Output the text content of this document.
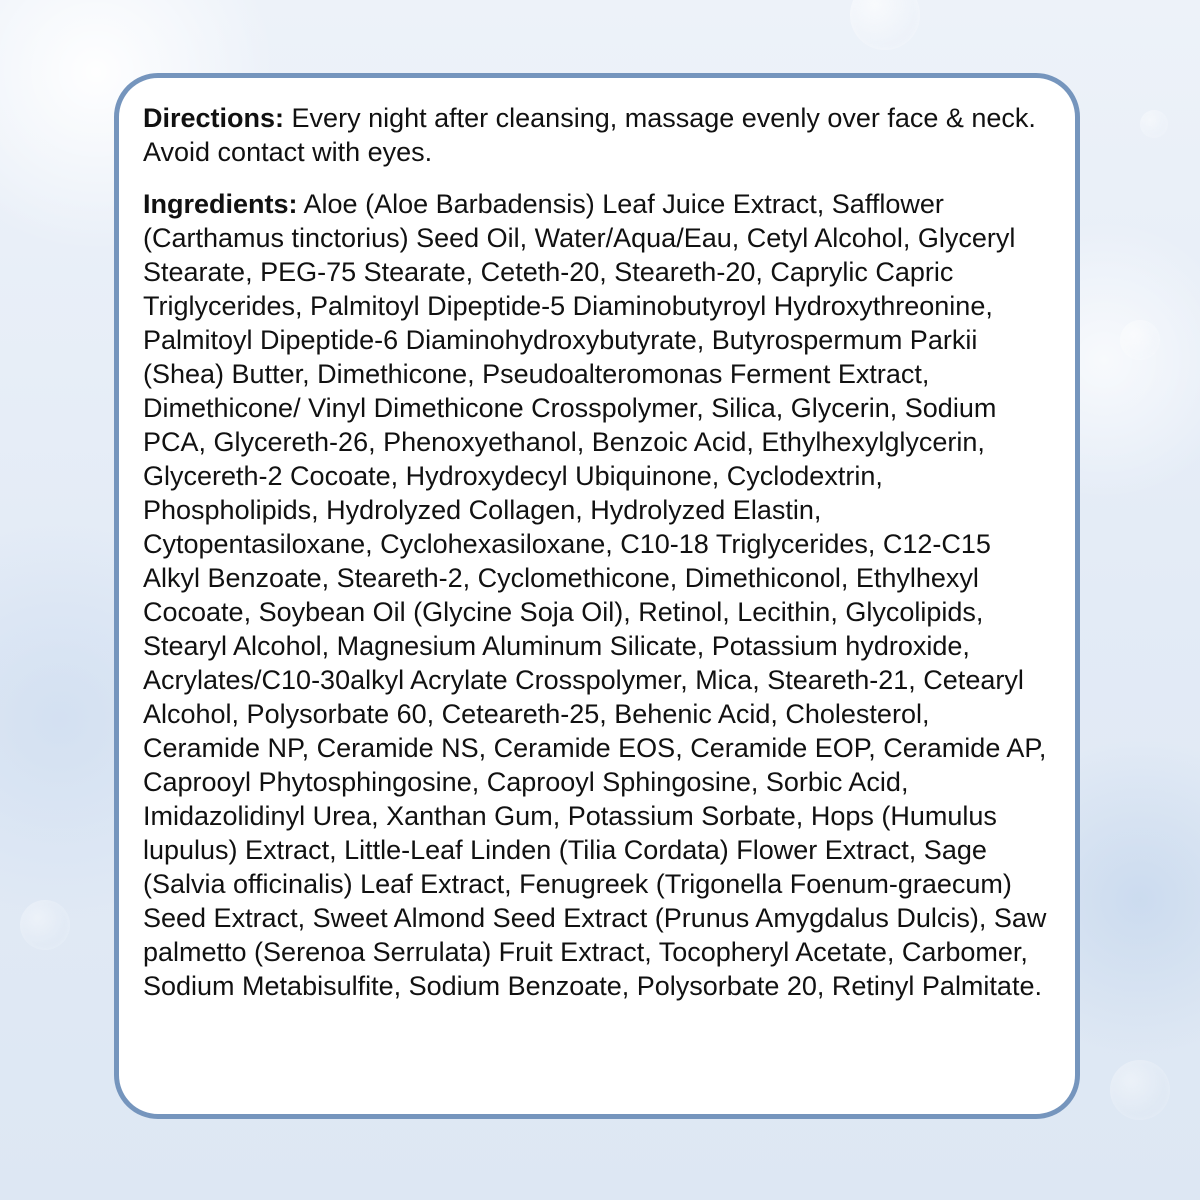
Directions: Every night after cleansing, massage evenly over face & neck. Avoid contact with eyes.

Ingredients: Aloe (Aloe Barbadensis) Leaf Juice Extract, Safflower (Carthamus tinctorius) Seed Oil, Water/Aqua/Eau, Cetyl Alcohol, Glyceryl Stearate, PEG-75 Stearate, Ceteth-20, Steareth-20, Caprylic Capric Triglycerides, Palmitoyl Dipeptide-5 Diaminobutyroyl Hydroxythreonine, Palmitoyl Dipeptide-6 Diaminohydroxybutyrate, Butyrospermum Parkii (Shea) Butter, Dimethicone, Pseudoalteromonas Ferment Extract, Dimethicone/ Vinyl Dimethicone Crosspolymer, Silica, Glycerin, Sodium PCA, Glycereth-26, Phenoxyethanol, Benzoic Acid, Ethylhexylglycerin, Glycereth-2 Cocoate, Hydroxydecyl Ubiquinone, Cyclodextrin, Phospholipids, Hydrolyzed Collagen, Hydrolyzed Elastin, Cytopentasiloxane, Cyclohexasiloxane, C10-18 Triglycerides, C12-C15 Alkyl Benzoate, Steareth-2, Cyclomethicone, Dimethiconol, Ethylhexyl Cocoate, Soybean Oil (Glycine Soja Oil), Retinol, Lecithin, Glycolipids, Stearyl Alcohol, Magnesium Aluminum Silicate, Potassium hydroxide, Acrylates/C10-30alkyl Acrylate Crosspolymer, Mica, Steareth-21, Cetearyl Alcohol, Polysorbate 60, Ceteareth-25, Behenic Acid, Cholesterol, Ceramide NP, Ceramide NS, Ceramide EOS, Ceramide EOP, Ceramide AP, Caprooyl Phytosphingosine, Caprooyl Sphingosine, Sorbic Acid, Imidazolidinyl Urea, Xanthan Gum, Potassium Sorbate, Hops (Humulus lupulus) Extract, Little-Leaf Linden (Tilia Cordata) Flower Extract, Sage (Salvia officinalis) Leaf Extract, Fenugreek (Trigonella Foenum-graecum) Seed Extract, Sweet Almond Seed Extract (Prunus Amygdalus Dulcis), Saw palmetto (Serenoa Serrulata) Fruit Extract, Tocopheryl Acetate, Carbomer, Sodium Metabisulfite, Sodium Benzoate, Polysorbate 20, Retinyl Palmitate.
